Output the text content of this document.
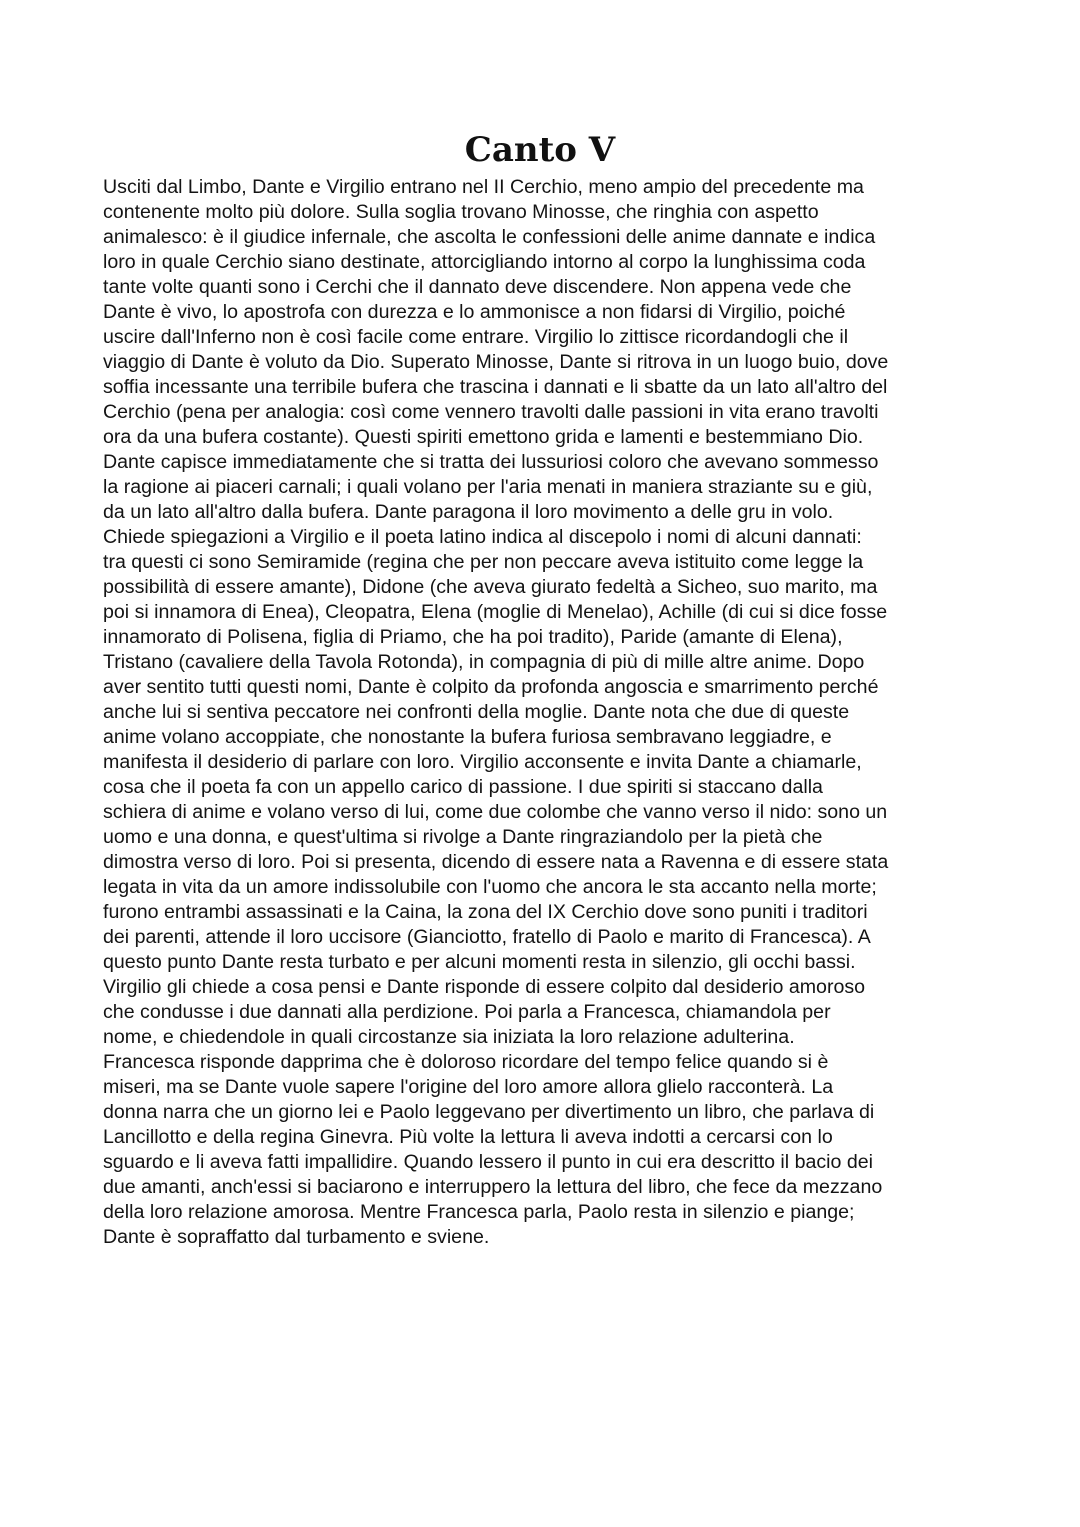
Canto V
Usciti dal Limbo, Dante e Virgilio entrano nel II Cerchio, meno ampio del precedente ma
contenente molto più dolore. Sulla soglia trovano Minosse, che ringhia con aspetto
animalesco: è il giudice infernale, che ascolta le confessioni delle anime dannate e indica
loro in quale Cerchio siano destinate, attorcigliando intorno al corpo la lunghissima coda
tante volte quanti sono i Cerchi che il dannato deve discendere. Non appena vede che
Dante è vivo, lo apostrofa con durezza e lo ammonisce a non fidarsi di Virgilio, poiché
uscire dall'Inferno non è così facile come entrare. Virgilio lo zittisce ricordandogli che il
viaggio di Dante è voluto da Dio. Superato Minosse, Dante si ritrova in un luogo buio, dove
soffia incessante una terribile bufera che trascina i dannati e li sbatte da un lato all'altro del
Cerchio (pena per analogia: così come vennero travolti dalle passioni in vita erano travolti
ora da una bufera costante). Questi spiriti emettono grida e lamenti e bestemmiano Dio.
Dante capisce immediatamente che si tratta dei lussuriosi coloro che avevano sommesso
la ragione ai piaceri carnali; i quali volano per l'aria menati in maniera straziante su e giù,
da un lato all'altro dalla bufera. Dante paragona il loro movimento a delle gru in volo.
Chiede spiegazioni a Virgilio e il poeta latino indica al discepolo i nomi di alcuni dannati:
tra questi ci sono Semiramide (regina che per non peccare aveva istituito come legge la
possibilità di essere amante), Didone (che aveva giurato fedeltà a Sicheo, suo marito, ma
poi si innamora di Enea), Cleopatra, Elena (moglie di Menelao), Achille (di cui si dice fosse
innamorato di Polisena, figlia di Priamo, che ha poi tradito), Paride (amante di Elena),
Tristano (cavaliere della Tavola Rotonda), in compagnia di più di mille altre anime. Dopo
aver sentito tutti questi nomi, Dante è colpito da profonda angoscia e smarrimento perché
anche lui si sentiva peccatore nei confronti della moglie. Dante nota che due di queste
anime volano accoppiate, che nonostante la bufera furiosa sembravano leggiadre, e
manifesta il desiderio di parlare con loro. Virgilio acconsente e invita Dante a chiamarle,
cosa che il poeta fa con un appello carico di passione. I due spiriti si staccano dalla
schiera di anime e volano verso di lui, come due colombe che vanno verso il nido: sono un
uomo e una donna, e quest'ultima si rivolge a Dante ringraziandolo per la pietà che
dimostra verso di loro. Poi si presenta, dicendo di essere nata a Ravenna e di essere stata
legata in vita da un amore indissolubile con l'uomo che ancora le sta accanto nella morte;
furono entrambi assassinati e la Caina, la zona del IX Cerchio dove sono puniti i traditori
dei parenti, attende il loro uccisore (Gianciotto, fratello di Paolo e marito di Francesca). A
questo punto Dante resta turbato e per alcuni momenti resta in silenzio, gli occhi bassi.
Virgilio gli chiede a cosa pensi e Dante risponde di essere colpito dal desiderio amoroso
che condusse i due dannati alla perdizione. Poi parla a Francesca, chiamandola per
nome, e chiedendole in quali circostanze sia iniziata la loro relazione adulterina.
Francesca risponde dapprima che è doloroso ricordare del tempo felice quando si è
miseri, ma se Dante vuole sapere l'origine del loro amore allora glielo racconterà. La
donna narra che un giorno lei e Paolo leggevano per divertimento un libro, che parlava di
Lancillotto e della regina Ginevra. Più volte la lettura li aveva indotti a cercarsi con lo
sguardo e li aveva fatti impallidire. Quando lessero il punto in cui era descritto il bacio dei
due amanti, anch'essi si baciarono e interruppero la lettura del libro, che fece da mezzano
della loro relazione amorosa. Mentre Francesca parla, Paolo resta in silenzio e piange;
Dante è sopraffatto dal turbamento e sviene.
